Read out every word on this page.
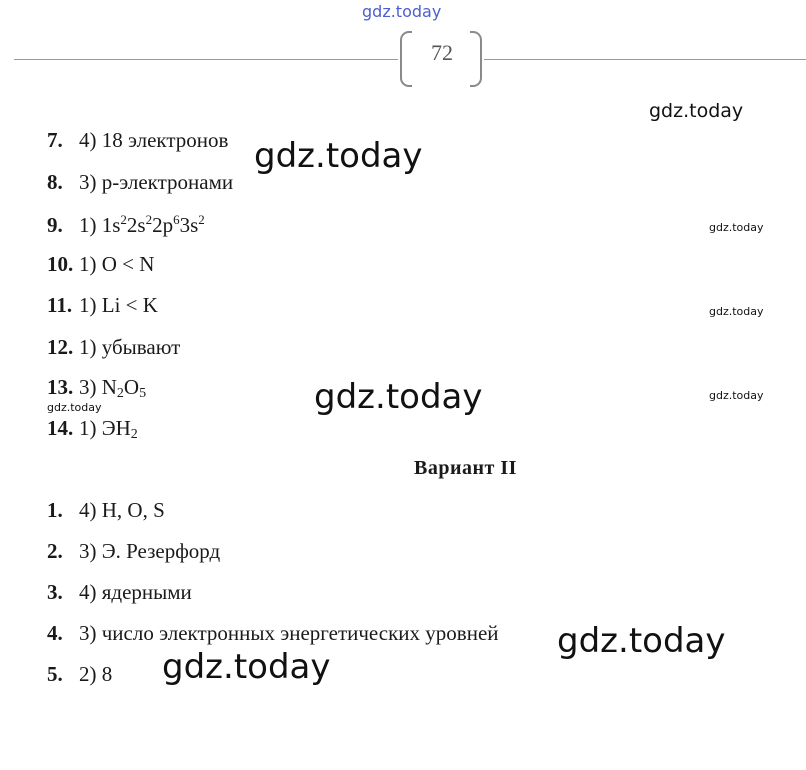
gdz.today
gdz.today
gdz.today
gdz.today
gdz.today
gdz.today	gdz.today
gdz.today
gdz.today
gdz.today
72
7. 4) 18 электронов
8. 3) р-электронами
9. 1) $1s^22s^22p^63s^2$
10. 1) O < N
11. 1) Li < K
12. 1) убывают
13. 3) $N_2O_5$
14. 1) $ЭН_2$
Вариант II
1. 4) H, O, S
2. 3) Э. Резерфорд
3. 4) ядерными
4. 3) число электронных энергетических уровней
5. 2) 8
